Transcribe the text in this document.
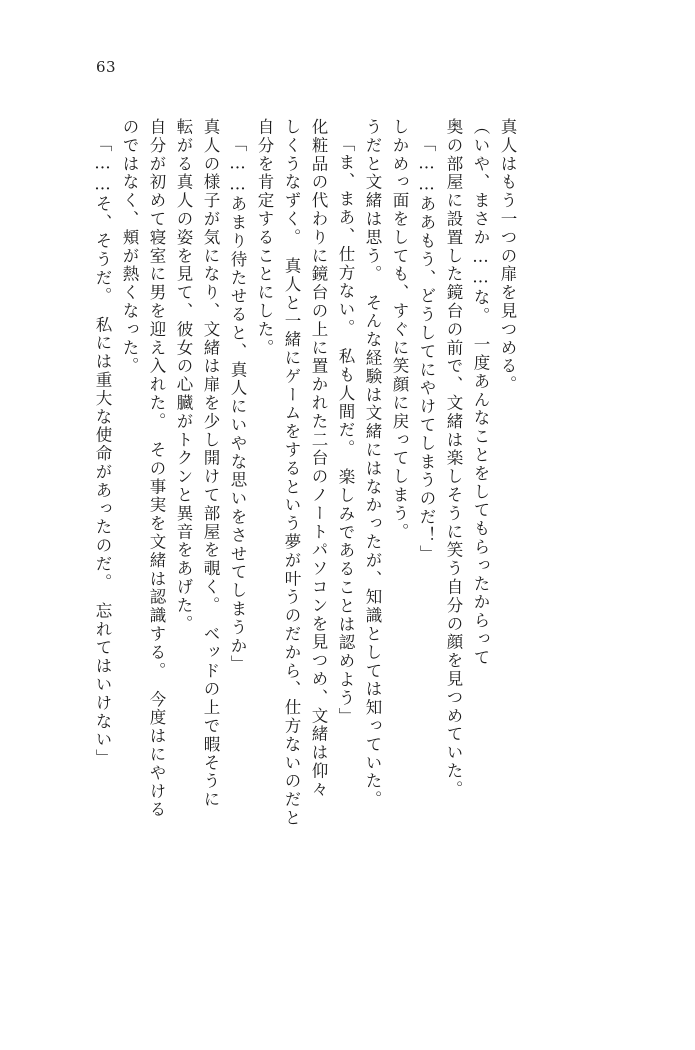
63
「……そ、そうだ。　私には重大な使命があったのだ。　忘れてはいけない」 のではなく、頬が熱くなった。 自分が初めて寝室に男を迎え入れた。　その事実を文緒は認識する。　今度はにやける 転がる真人の姿を見て、彼女の心臓がトクンと異音をあげた。 真人の様子が気になり、文緒は扉を少し開けて部屋を覗く。　ベッドの上で暇そうに 「……あまり待たせると、真人にいやな思いをさせてしまうか」 自分を肯定することにした。 しくうなずく。　真人と一緒にゲームをするという夢が叶うのだから、仕方ないのだと 化粧品の代わりに鏡台の上に置かれた二台のノートパソコンを見つめ、文緒は仰々 「ま、まあ、仕方ない。　私も人間だ。　楽しみであることは認めよう」 うだと文緒は思う。　そんな経験は文緒にはなかったが、知識としては知っていた。 しかめっ面をしても、すぐに笑顔に戻ってしまう。 「……ああもう、どうしてにやけてしまうのだ！」 奥の部屋に設置した鏡台の前で、文緒は楽しそうに笑う自分の顔を見つめていた。 （いや、まさか……な。　一度あんなことをしてもらったからって 真人はもう一つの扉を見つめる。
